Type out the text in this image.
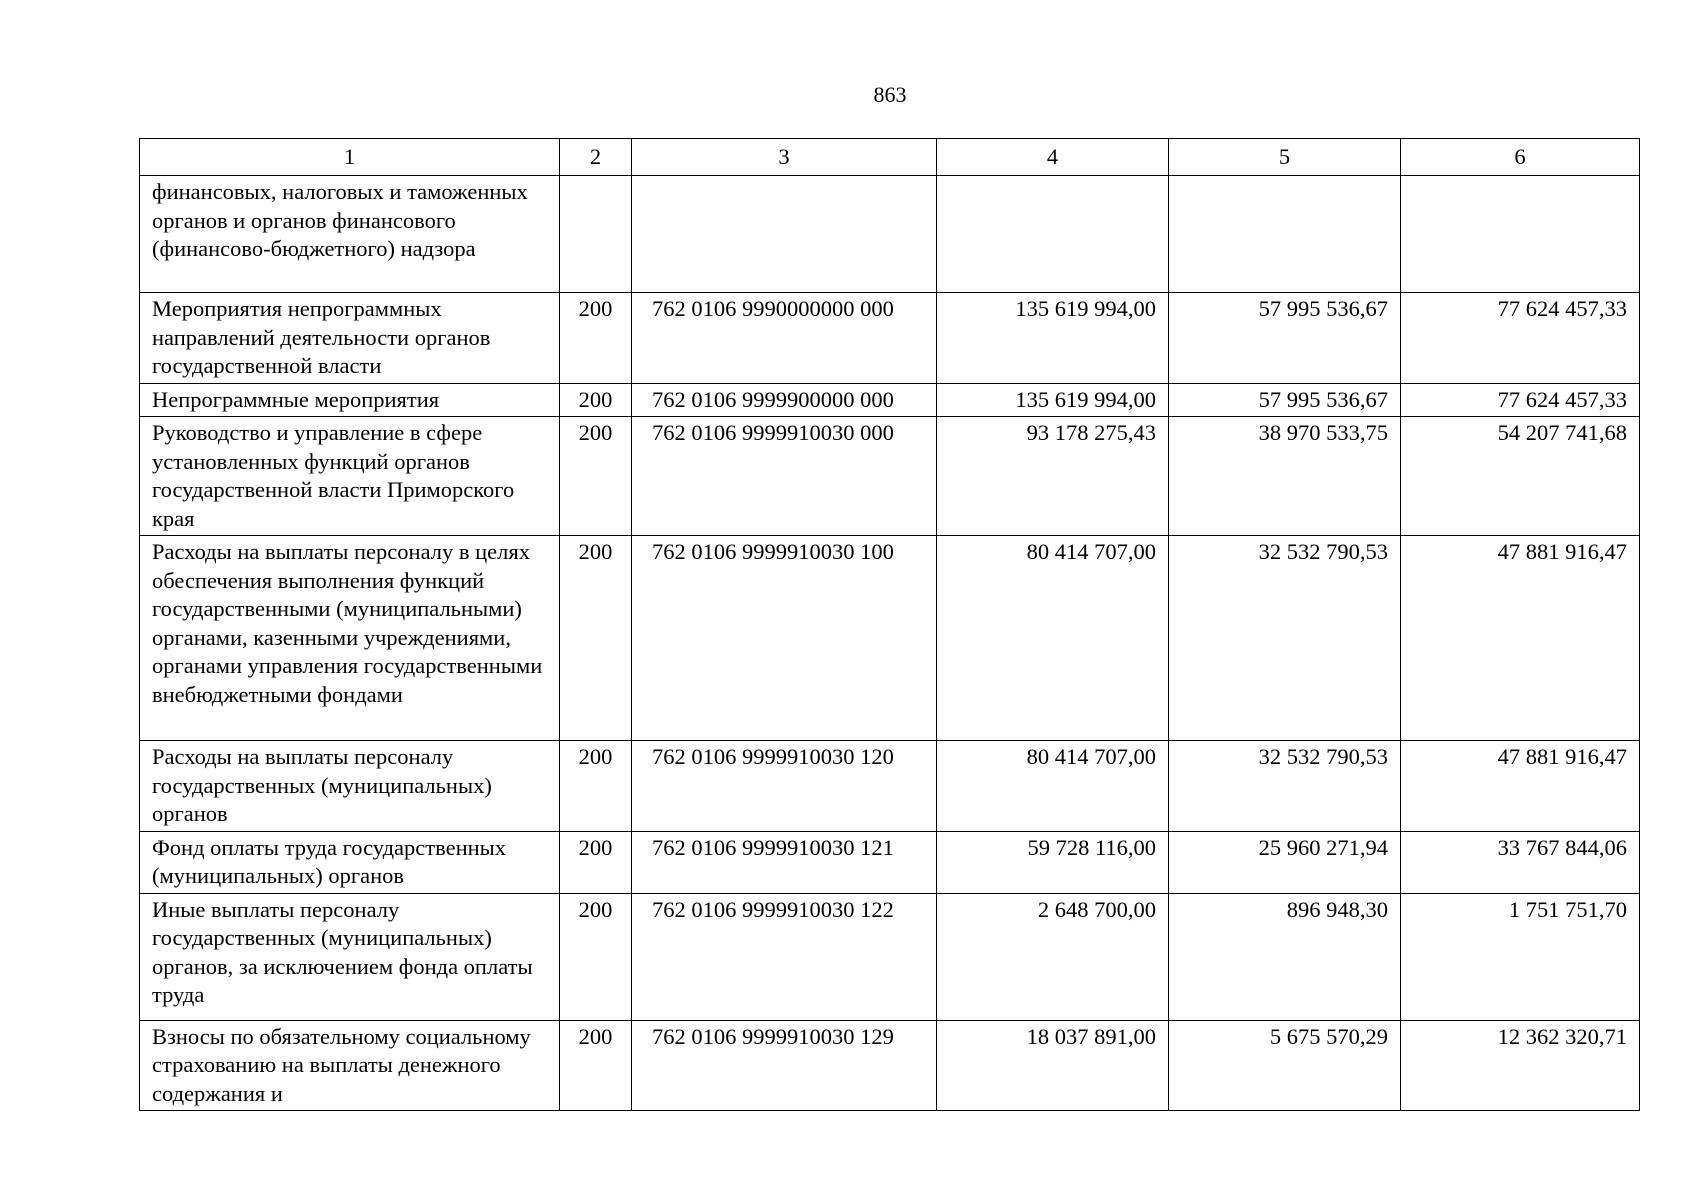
863
1	2	3	4	5	6
финансовых, налоговых и таможенных органов и органов финансового (финансово-бюджетного) надзора					
Мероприятия непрограммных направлений деятельности органов государственной власти	200	762 0106 9990000000 000	135 619 994,00	57 995 536,67	77 624 457,33
Непрограммные мероприятия	200	762 0106 9999900000 000	135 619 994,00	57 995 536,67	77 624 457,33
Руководство и управление в сфере установленных функций органов государственной власти Приморского края	200	762 0106 9999910030 000	93 178 275,43	38 970 533,75	54 207 741,68
Расходы на выплаты персоналу в целях обеспечения выполнения функций государственными (муниципальными) органами, казенными учреждениями, органами управления государственными внебюджетными фондами	200	762 0106 9999910030 100	80 414 707,00	32 532 790,53	47 881 916,47
Расходы на выплаты персоналу государственных (муниципальных) органов	200	762 0106 9999910030 120	80 414 707,00	32 532 790,53	47 881 916,47
Фонд оплаты труда государственных (муниципальных) органов	200	762 0106 9999910030 121	59 728 116,00	25 960 271,94	33 767 844,06
Иные выплаты персоналу государственных (муниципальных) органов, за исключением фонда оплаты труда	200	762 0106 9999910030 122	2 648 700,00	896 948,30	1 751 751,70
Взносы по обязательному социальному страхованию на выплаты денежного содержания и	200	762 0106 9999910030 129	18 037 891,00	5 675 570,29	12 362 320,71
